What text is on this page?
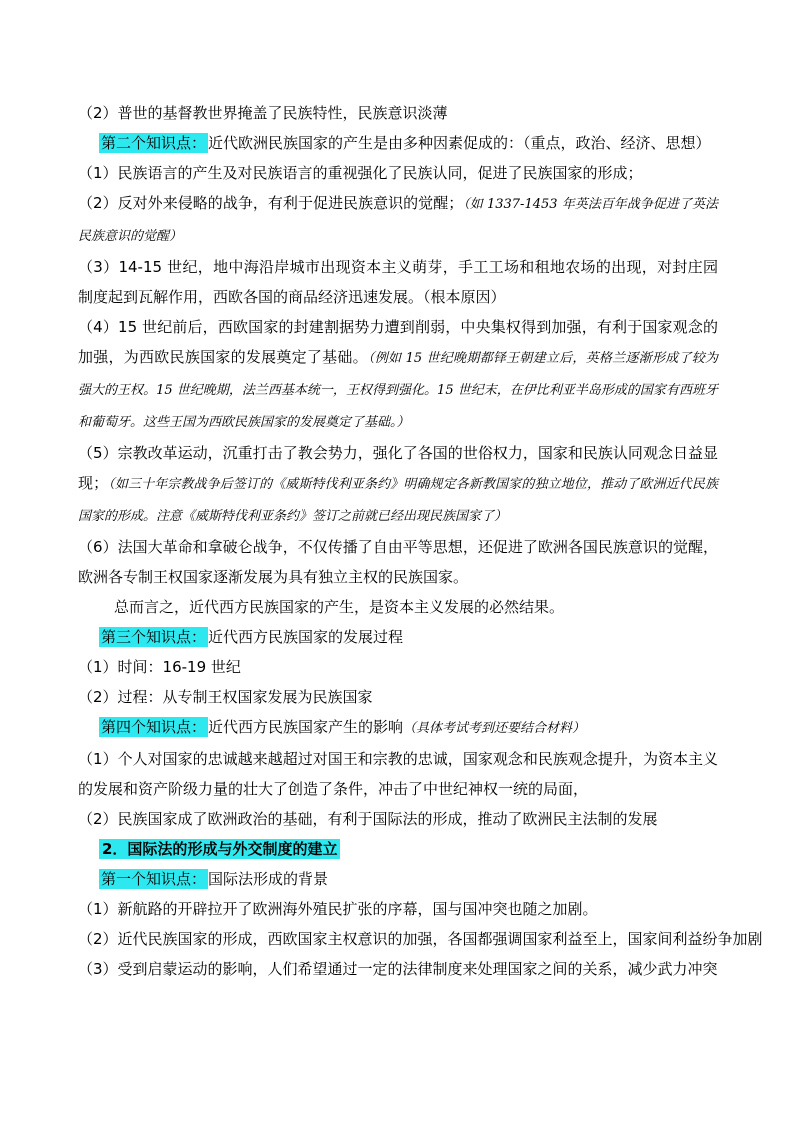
（2）普世的基督教世界掩盖了民族特性，民族意识淡薄
第二个知识点： 近代欧洲民族国家的产生是由多种因素促成的：（重点，政治、经济、思想）
（1）民族语言的产生及对民族语言的重视强化了民族认同，促进了民族国家的形成；
（2）反对外来侵略的战争，有利于促进民族意识的觉醒；（如 1337-1453 年英法百年战争促进了英法民族意识的觉醒）
（3）14-15 世纪，地中海沿岸城市出现资本主义萌芽，手工工场和租地农场的出现，对封庄园制度起到瓦解作用，西欧各国的商品经济迅速发展。（根本原因）
（4）15 世纪前后，西欧国家的封建割据势力遭到削弱，中央集权得到加强，有利于国家观念的加强，为西欧民族国家的发展奠定了基础。（例如 15 世纪晚期都铎王朝建立后，英格兰逐渐形成了较为强大的王权。15 世纪晚期，法兰西基本统一，王权得到强化。15 世纪末，在伊比利亚半岛形成的国家有西班牙和葡萄牙。这些王国为西欧民族国家的发展奠定了基础。）
（5）宗教改革运动，沉重打击了教会势力，强化了各国的世俗权力，国家和民族认同观念日益显现；（如三十年宗教战争后签订的《威斯特伐利亚条约》明确规定各新教国家的独立地位，推动了欧洲近代民族国家的形成。注意《威斯特伐利亚条约》签订之前就已经出现民族国家了）
（6）法国大革命和拿破仑战争，不仅传播了自由平等思想，还促进了欧洲各国民族意识的觉醒，欧洲各专制王权国家逐渐发展为具有独立主权的民族国家。
总而言之，近代西方民族国家的产生，是资本主义发展的必然结果。
第三个知识点： 近代西方民族国家的发展过程
（1）时间：16-19 世纪
（2）过程：从专制王权国家发展为民族国家
第四个知识点： 近代西方民族国家产生的影响（具体考试考到还要结合材料）
（1）个人对国家的忠诚越来越超过对国王和宗教的忠诚，国家观念和民族观念提升，为资本主义的发展和资产阶级力量的壮大了创造了条件，冲击了中世纪神权一统的局面，
（2）民族国家成了欧洲政治的基础，有利于国际法的形成，推动了欧洲民主法制的发展
2．国际法的形成与外交制度的建立
第一个知识点： 国际法形成的背景
（1）新航路的开辟拉开了欧洲海外殖民扩张的序幕，国与国冲突也随之加剧。
（2）近代民族国家的形成，西欧国家主权意识的加强，各国都强调国家利益至上，国家间利益纷争加剧
（3）受到启蒙运动的影响，人们希望通过一定的法律制度来处理国家之间的关系，减少武力冲突
